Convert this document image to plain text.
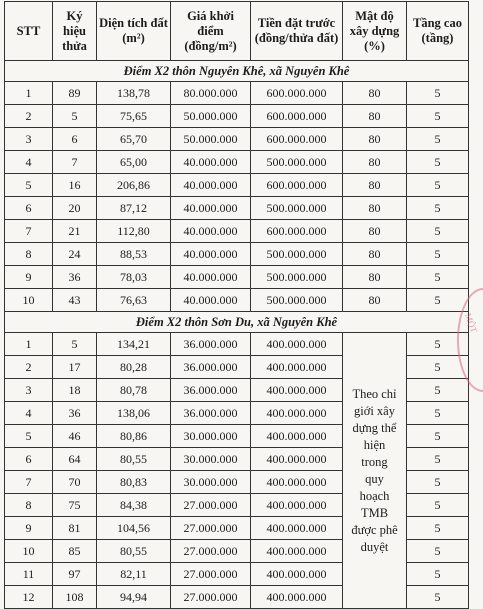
STT	Ký hiệu thửa	Diện tích đất (m²)	Giá khởi điểm (đồng/m²)	Tiền đặt trước (đồng/thửa đất)	Mật độ xây dựng (%)	Tầng cao (tầng)
Điểm X2 thôn Nguyên Khê, xã Nguyên Khê						
1	89	138,78	80.000.000	600.000.000	80	5
2	5	75,65	50.000.000	600.000.000	80	5
3	6	65,70	50.000.000	600.000.000	80	5
4	7	65,00	40.000.000	500.000.000	80	5
5	16	206,86	40.000.000	600.000.000	80	5
6	20	87,12	40.000.000	500.000.000	80	5
7	21	112,80	40.000.000	600.000.000	80	5
8	24	88,53	40.000.000	500.000.000	80	5
9	36	78,03	40.000.000	500.000.000	80	5
10	43	76,63	40.000.000	500.000.000	80	5
Điểm X2 thôn Sơn Du, xã Nguyên Khê						
1	5	134,21	36.000.000	400.000.000	Theo chỉ giới xây dựng thể hiện trong quy hoạch TMB được phê duyệt	5
2	17	80,28	36.000.000	400.000.000		5
3	18	80,78	36.000.000	400.000.000		5
4	36	138,06	36.000.000	400.000.000		5
5	46	80,86	30.000.000	400.000.000		5
6	64	80,55	30.000.000	400.000.000		5
7	70	80,83	30.000.000	400.000.000		5
8	75	84,38	27.000.000	400.000.000		5
9	81	104,56	27.000.000	400.000.000		5
10	85	80,55	27.000.000	400.000.000		5
11	97	82,11	27.000.000	400.000.000		5
12	108	94,94	27.000.000	400.000.000		5
MỘT
